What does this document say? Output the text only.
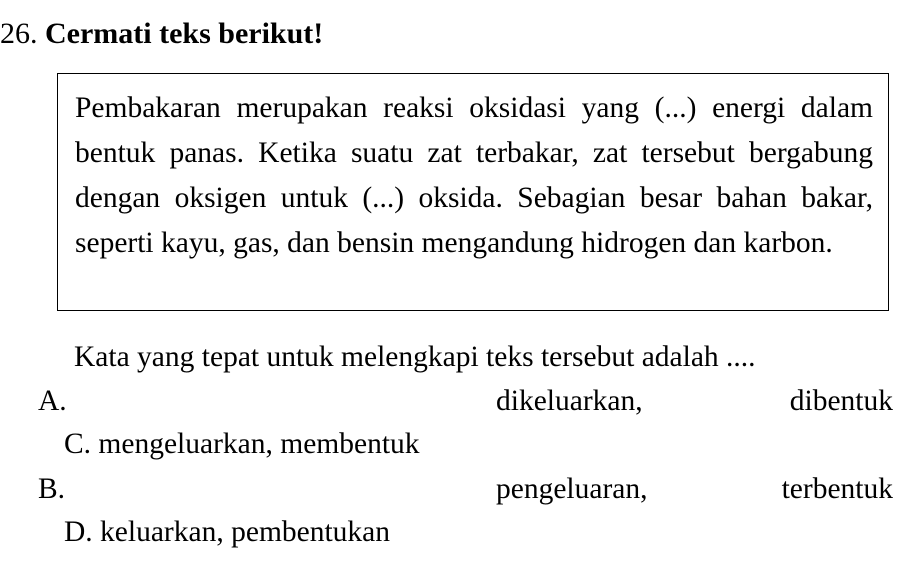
26. Cermati teks berikut!

Pembakaran merupakan reaksi oksidasi yang (...) energi dalam bentuk panas. Ketika suatu zat terbakar, zat tersebut bergabung dengan oksigen untuk (...) oksida. Sebagian besar bahan bakar, seperti kayu, gas, dan bensin mengandung hidrogen dan karbon.

Kata yang tepat untuk melengkapi teks tersebut adalah ....
A.	dikeluarkan,	dibentuk
C. mengeluarkan, membentuk
B.	pengeluaran,	terbentuk
D. keluarkan, pembentukan
